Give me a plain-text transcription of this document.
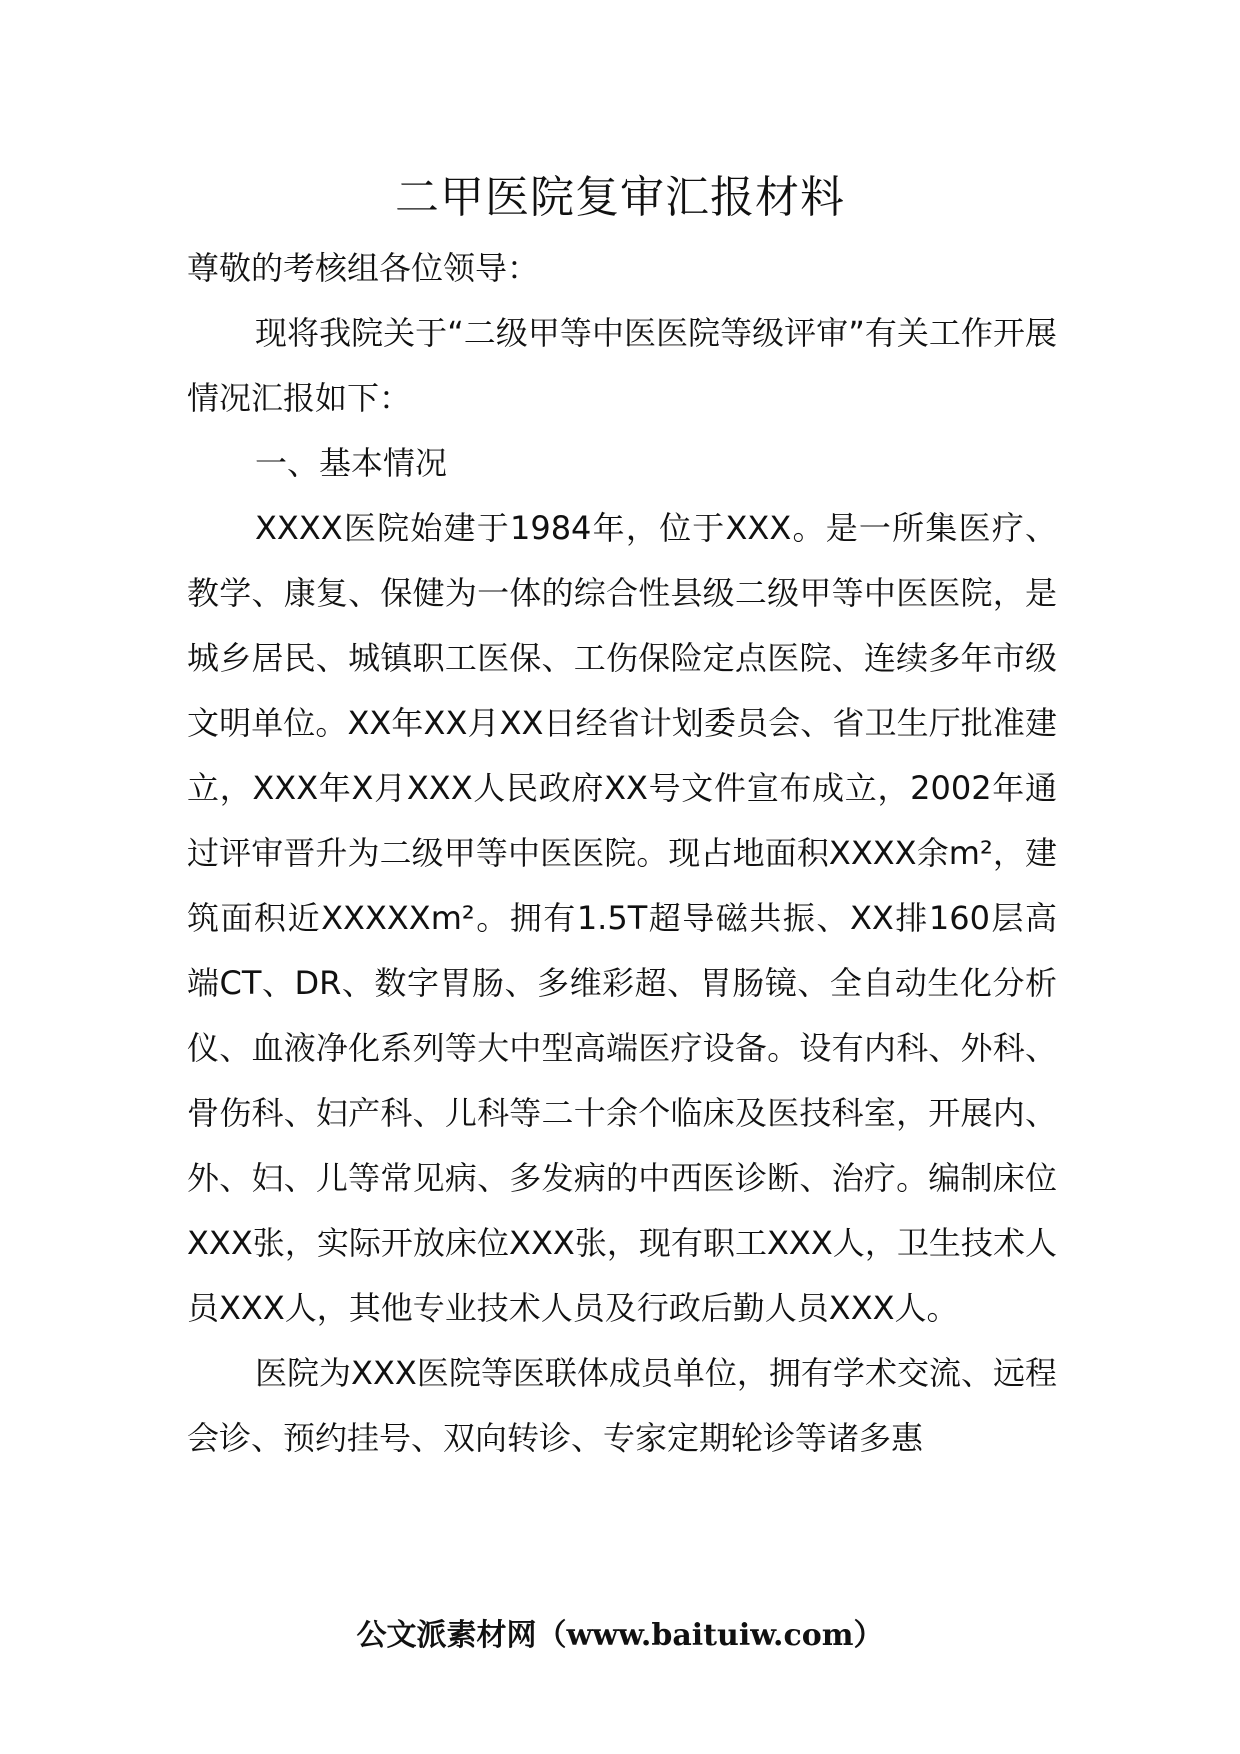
二甲医院复审汇报材料

尊敬的考核组各位领导：

现将我院关于“二级甲等中医医院等级评审”有关工作开展情况汇报如下：

一、基本情况

XXXX医院始建于1984年，位于XXX。是一所集医疗、教学、康复、保健为一体的综合性县级二级甲等中医医院，是城乡居民、城镇职工医保、工伤保险定点医院、连续多年市级文明单位。XX年XX月XX日经省计划委员会、省卫生厅批准建立，XXX年X月XXX人民政府XX号文件宣布成立，2002年通过评审晋升为二级甲等中医医院。现占地面积XXXX余m²，建筑面积近XXXXXm²。拥有1.5T超导磁共振、XX排160层高端CT、DR、数字胃肠、多维彩超、胃肠镜、全自动生化分析仪、血液净化系列等大中型高端医疗设备。设有内科、外科、骨伤科、妇产科、儿科等二十余个临床及医技科室，开展内、外、妇、儿等常见病、多发病的中西医诊断、治疗。编制床位XXX张，实际开放床位XXX张，现有职工XXX人，卫生技术人员XXX人，其他专业技术人员及行政后勤人员XXX人。

医院为XXX医院等医联体成员单位，拥有学术交流、远程会诊、预约挂号、双向转诊、专家定期轮诊等诸多惠

公文派素材网（www.baituiw.com）
